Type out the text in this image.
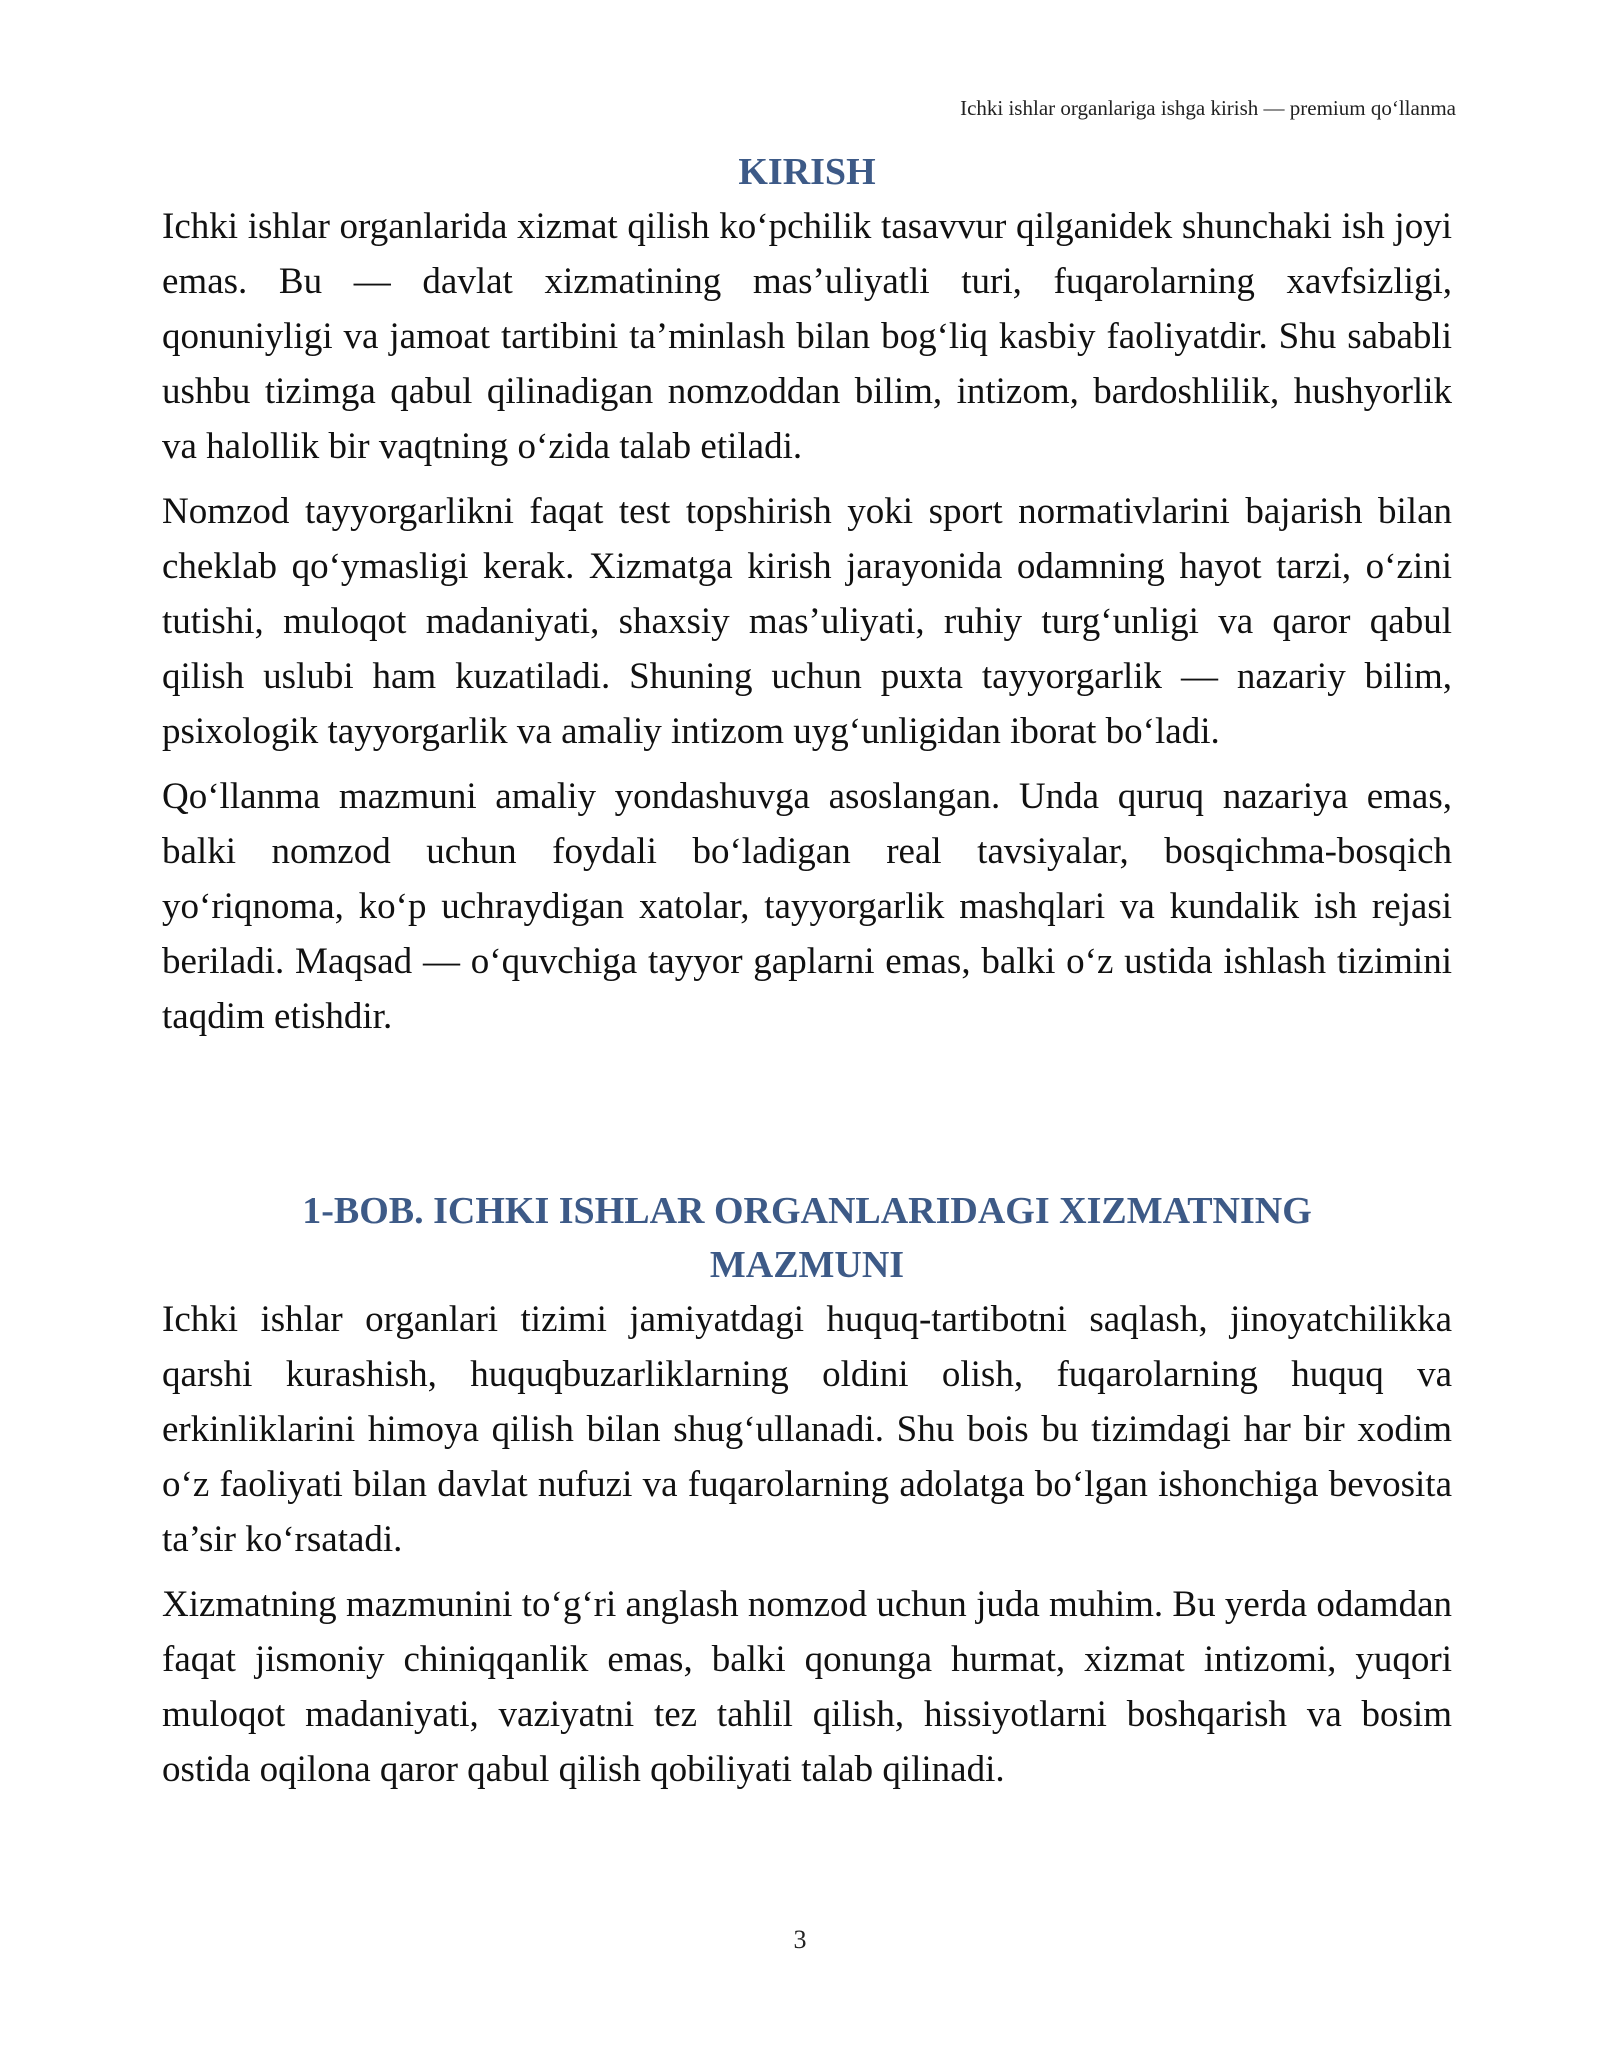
Ichki ishlar organlariga ishga kirish — premium qo‘llanma
KIRISH

Ichki ishlar organlarida xizmat qilish ko‘pchilik tasavvur qilganidek shunchaki ish joyi emas. Bu — davlat xizmatining mas’uliyatli turi, fuqarolarning xavfsizligi, qonuniyligi va jamoat tartibini ta’minlash bilan bog‘liq kasbiy faoliyatdir. Shu sababli ushbu tizimga qabul qilinadigan nomzoddan bilim, intizom, bardoshlilik, hushyorlik va halollik bir vaqtning o‘zida talab etiladi.

Nomzod tayyorgarlikni faqat test topshirish yoki sport normativlarini bajarish bilan cheklab qo‘ymasligi kerak. Xizmatga kirish jarayonida odamning hayot tarzi, o‘zini tutishi, muloqot madaniyati, shaxsiy mas’uliyati, ruhiy turg‘unligi va qaror qabul qilish uslubi ham kuzatiladi. Shuning uchun puxta tayyorgarlik — nazariy bilim, psixologik tayyorgarlik va amaliy intizom uyg‘unligidan iborat bo‘ladi.

Qo‘llanma mazmuni amaliy yondashuvga asoslangan. Unda quruq nazariya emas, balki nomzod uchun foydali bo‘ladigan real tavsiyalar, bosqichma-bosqich yo‘riqnoma, ko‘p uchraydigan xatolar, tayyorgarlik mashqlari va kundalik ish rejasi beriladi. Maqsad — o‘quvchiga tayyor gaplarni emas, balki o‘z ustida ishlash tizimini taqdim etishdir.

1-BOB. ICHKI ISHLAR ORGANLARIDAGI XIZMATNING
MAZMUNI

Ichki ishlar organlari tizimi jamiyatdagi huquq-tartibotni saqlash, jinoyatchilikka qarshi kurashish, huquqbuzarliklarning oldini olish, fuqarolarning huquq va erkinliklarini himoya qilish bilan shug‘ullanadi. Shu bois bu tizimdagi har bir xodim o‘z faoliyati bilan davlat nufuzi va fuqarolarning adolatga bo‘lgan ishonchiga bevosita ta’sir ko‘rsatadi.

Xizmatning mazmunini to‘g‘ri anglash nomzod uchun juda muhim. Bu yerda odamdan faqat jismoniy chiniqqanlik emas, balki qonunga hurmat, xizmat intizomi, yuqori muloqot madaniyati, vaziyatni tez tahlil qilish, hissiyotlarni boshqarish va bosim ostida oqilona qaror qabul qilish qobiliyati talab qilinadi.

3
